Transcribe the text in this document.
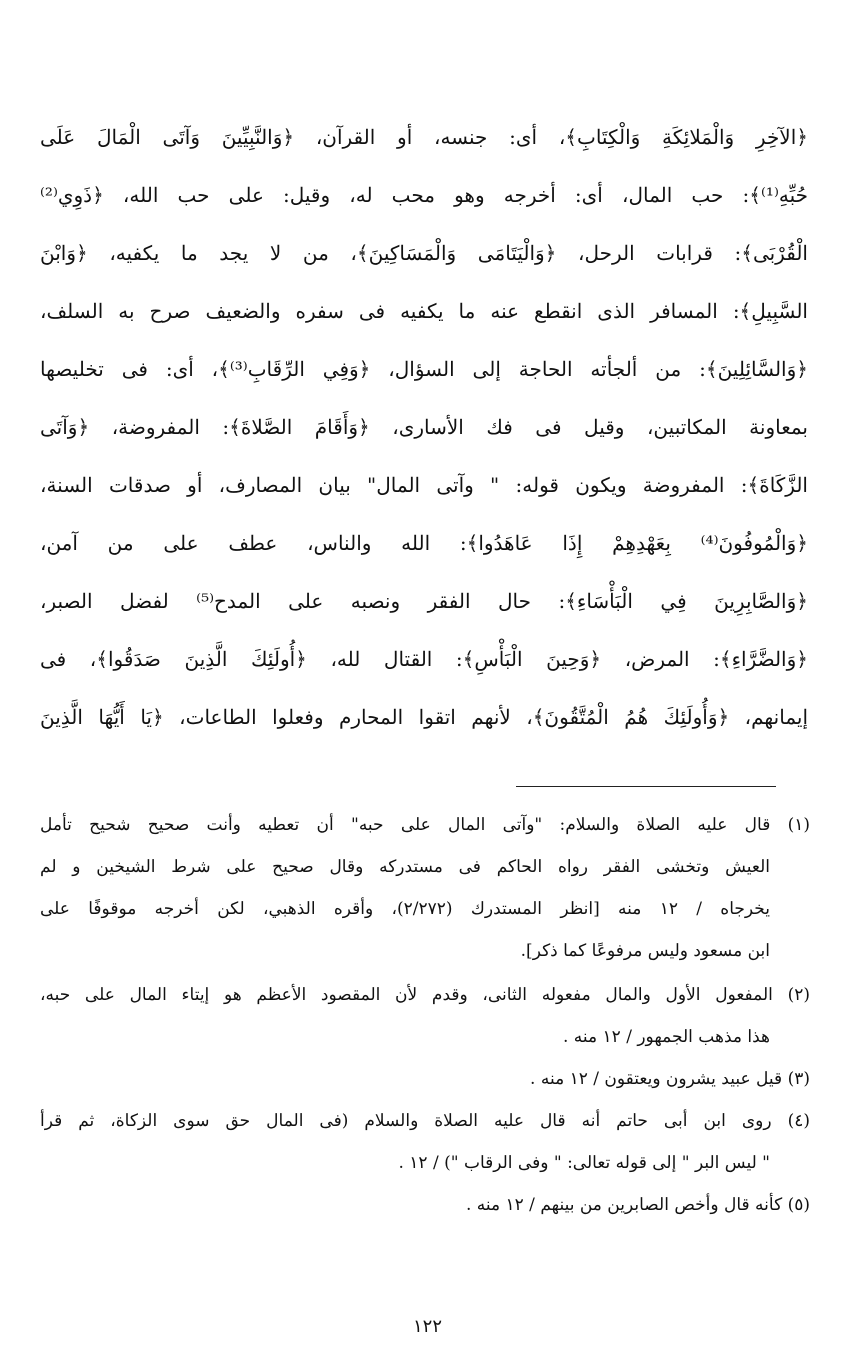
﴿الآخِرِ وَالْمَلائِكَةِ وَالْكِتَابِ﴾، أى: جنسه، أو القرآن، ﴿وَالنَّبِيِّينَ وَآتَى الْمَالَ عَلَى
حُبِّهِ⁽¹⁾﴾: حب المال، أى: أخرجه وهو محب له، وقيل: على حب الله، ﴿ذَوِي⁽²⁾
الْقُرْبَى﴾: قرابات الرحل، ﴿وَالْيَتَامَى وَالْمَسَاكِينَ﴾، من لا يجد ما يكفيه، ﴿وَابْنَ
السَّبِيلِ﴾: المسافر الذى انقطع عنه ما يكفيه فى سفره والضعيف صرح به السلف،
﴿وَالسَّائِلِينَ﴾: من ألجأته الحاجة إلى السؤال، ﴿وَفِي الرِّقَابِ⁽³⁾﴾، أى: فى تخليصها
بمعاونة المكاتبين، وقيل فى فك الأسارى، ﴿وَأَقَامَ الصَّلاةَ﴾: المفروضة، ﴿وَآتَى
الزَّكَاةَ﴾: المفروضة ويكون قوله: " وآتى المال" بيان المصارف، أو صدقات السنة،
﴿وَالْمُوفُونَ⁽⁴⁾ بِعَهْدِهِمْ إِذَا عَاهَدُوا﴾: الله والناس، عطف على من آمن،
﴿وَالصَّابِرِينَ فِي الْبَأْسَاءِ﴾: حال الفقر ونصبه على المدح⁽⁵⁾ لفضل الصبر،
﴿وَالضَّرَّاءِ﴾: المرض، ﴿وَحِينَ الْبَأْسِ﴾: القتال لله، ﴿أُولَئِكَ الَّذِينَ صَدَقُوا﴾، فى
إيمانهم، ﴿وَأُولَئِكَ هُمُ الْمُتَّقُونَ﴾، لأنهم اتقوا المحارم وفعلوا الطاعات، ﴿يَا أَيُّهَا الَّذِينَ
(١) قال عليه الصلاة والسلام: "وآتى المال على حبه" أن تعطيه وأنت صحيح شحيح تأمل
العيش وتخشى الفقر رواه الحاكم فى مستدركه وقال صحيح على شرط الشيخين و لم
يخرجاه / ١٢ منه [انظر المستدرك (٢/٢٧٢)، وأقره الذهبي، لكن أخرجه موقوفًا على
ابن مسعود وليس مرفوعًا كما ذكر].
(٢) المفعول الأول والمال مفعوله الثانى، وقدم لأن المقصود الأعظم هو إيتاء المال على حبه،
هذا مذهب الجمهور / ١٢ منه .
(٣) قيل عبيد يشرون ويعتقون / ١٢ منه .
(٤) روى ابن أبى حاتم أنه قال عليه الصلاة والسلام (فى المال حق سوى الزكاة، ثم قرأ
" ليس البر " إلى قوله تعالى: " وفى الرقاب ") / ١٢ .
(٥) كأنه قال وأخص الصابرين من بينهم / ١٢ منه .
١٢٢
